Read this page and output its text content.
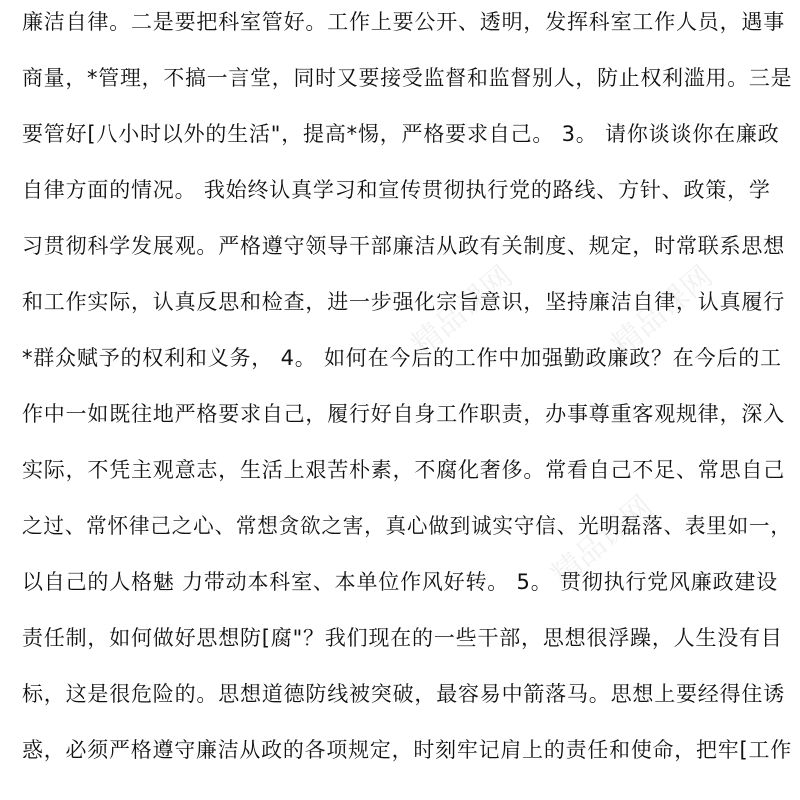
精品课网	精品课网
精品课网
廉洁自律。二是要把科室管好。工作上要公开、透明，发挥科室工作人员，遇事
商量，*管理，不搞一言堂，同时又要接受监督和监督别人，防止权利滥用。三是
要管好[八小时以外的生活"，提高*惕，严格要求自己。 3。 请你谈谈你在廉政
自律方面的情况。 我始终认真学习和宣传贯彻执行党的路线、方针、政策，学
习贯彻科学发展观。严格遵守领导干部廉洁从政有关制度、规定，时常联系思想
和工作实际，认真反思和检查，进一步强化宗旨意识，坚持廉洁自律，认真履行
*群众赋予的权利和义务， 4。 如何在今后的工作中加强勤政廉政？在今后的工
作中一如既往地严格要求自己，履行好自身工作职责，办事尊重客观规律，深入
实际，不凭主观意志，生活上艰苦朴素，不腐化奢侈。常看自己不足、常思自己
之过、常怀律己之心、常想贪欲之害，真心做到诚实守信、光明磊落、表里如一，
以自己的人格魅 力带动本科室、本单位作风好转。 5。 贯彻执行党风廉政建设
责任制，如何做好思想防[腐"？我们现在的一些干部，思想很浮躁，人生没有目
标，这是很危险的。思想道德防线被突破，最容易中箭落马。思想上要经得住诱
惑，必须严格遵守廉洁从政的各项规定，时刻牢记肩上的责任和使命，把牢[工作
